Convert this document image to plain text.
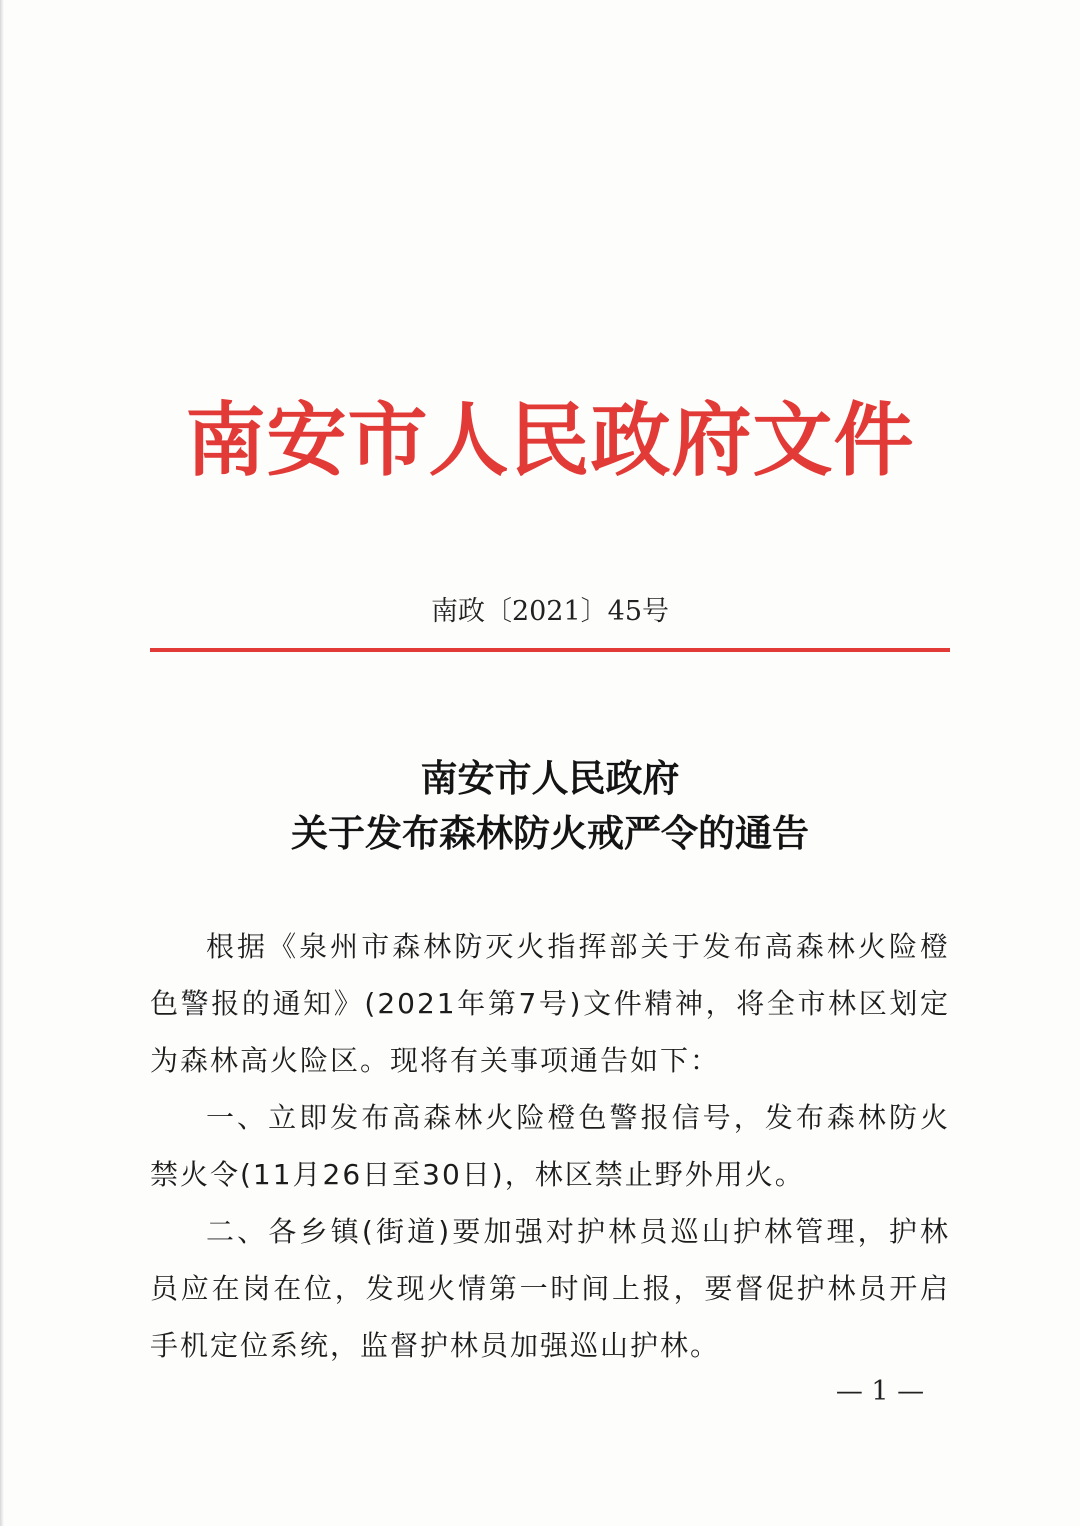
南安市人民政府文件
南政〔2021〕45号
南安市人民政府
关于发布森林防火戒严令的通告

根据《泉州市森林防灭火指挥部关于发布高森林火险橙色警报的通知》(2021年第7号)文件精神，将全市林区划定为森林高火险区。现将有关事项通告如下：

一、立即发布高森林火险橙色警报信号，发布森林防火禁火令(11月26日至30日)，林区禁止野外用火。

二、各乡镇(街道)要加强对护林员巡山护林管理，护林员应在岗在位，发现火情第一时间上报，要督促护林员开启手机定位系统，监督护林员加强巡山护林。

— 1 —
